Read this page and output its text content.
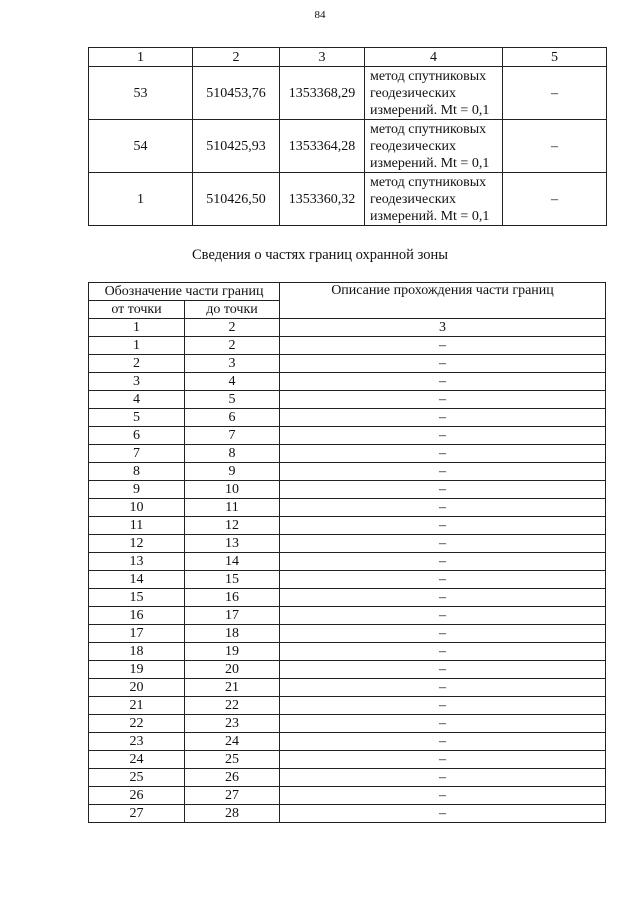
84
1	2	3	4	5
53	510453,76	1353368,29	метод спутниковых
геодезических
измерений. Mt = 0,1	–
54	510425,93	1353364,28	метод спутниковых
геодезических
измерений. Mt = 0,1	–
1	510426,50	1353360,32	метод спутниковых
геодезических
измерений. Mt = 0,1	–
Сведения о частях границ охранной зоны
Обозначение части границ		Описание прохождения части границ
от точки	до точки	
1	2	3
1	2	–
2	3	–
3	4	–
4	5	–
5	6	–
6	7	–
7	8	–
8	9	–
9	10	–
10	11	–
11	12	–
12	13	–
13	14	–
14	15	–
15	16	–
16	17	–
17	18	–
18	19	–
19	20	–
20	21	–
21	22	–
22	23	–
23	24	–
24	25	–
25	26	–
26	27	–
27	28	–
